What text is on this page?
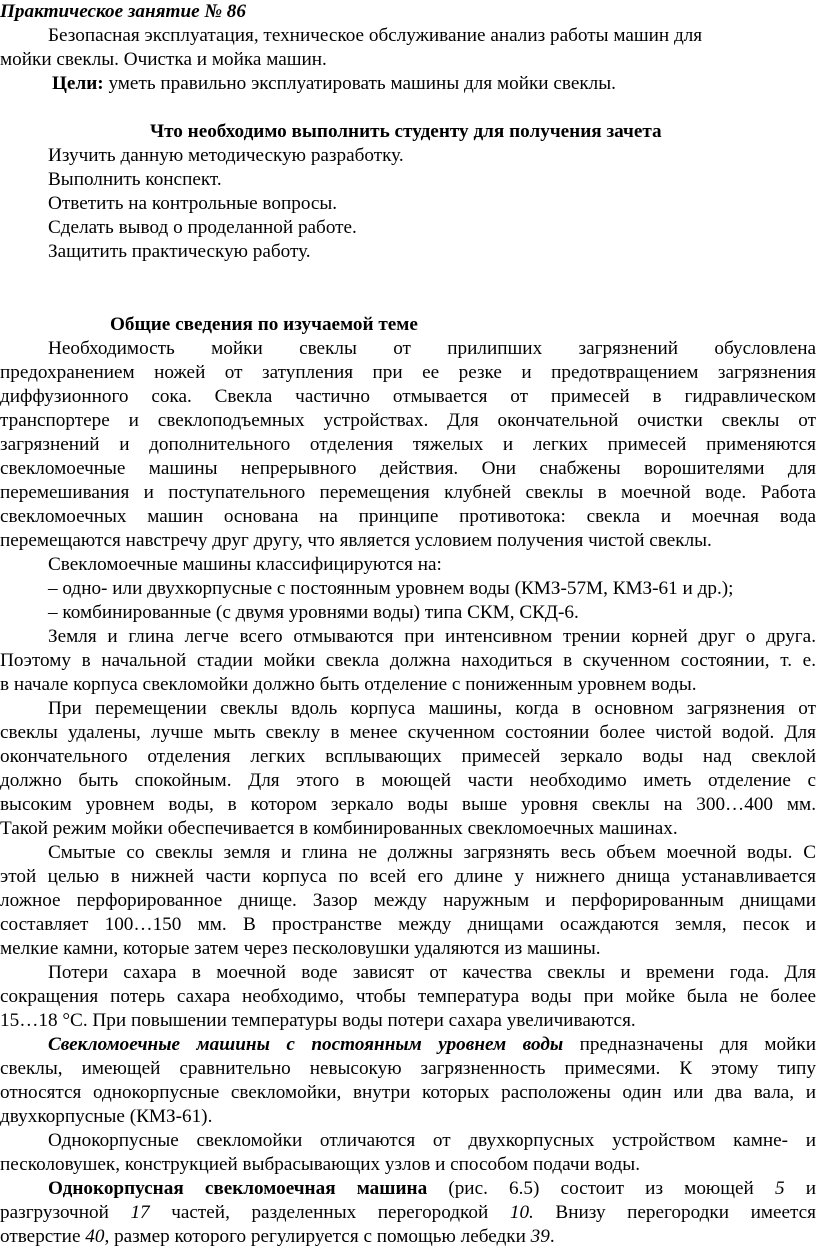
Практическое занятие № 86
Безопасная эксплуатация, техническое обслуживание анализ работы машин для
мойки свеклы. Очистка и мойка машин.
Цели: уметь правильно эксплуатировать машины для мойки свеклы.
Что необходимо выполнить студенту для получения зачета
Изучить данную методическую разработку.
Выполнить конспект.
Ответить на контрольные вопросы.
Сделать вывод о проделанной работе.
Защитить практическую работу.
Общие сведения по изучаемой теме
Необходимость мойки свеклы от прилипших загрязнений обусловлена
предохранением ножей от затупления при ее резке и предотвращением загрязнения
диффузионного сока. Свекла частично отмывается от примесей в гидравлическом
транспортере и свеклоподъемных устройствах. Для окончательной очистки свеклы от
загрязнений и дополнительного отделения тяжелых и легких примесей применяются
свекломоечные машины непрерывного действия. Они снабжены ворошителями для
перемешивания и поступательного перемещения клубней свеклы в моечной воде. Работа
свекломоечных машин основана на принципе противотока: свекла и моечная вода
перемещаются навстречу друг другу, что является условием получения чистой свеклы.
Свекломоечные машины классифицируются на:
– одно- или двухкорпусные с постоянным уровнем воды (КМЗ-57М, КМЗ-61 и др.);
– комбинированные (с двумя уровнями воды) типа СКМ, СКД-6.
Земля и глина легче всего отмываются при интенсивном трении корней друг о друга.
Поэтому в начальной стадии мойки свекла должна находиться в скученном состоянии, т. е.
в начале корпуса свекломойки должно быть отделение с пониженным уровнем воды.
При перемещении свеклы вдоль корпуса машины, когда в основном загрязнения от
свеклы удалены, лучше мыть свеклу в менее скученном состоянии более чистой водой. Для
окончательного отделения легких всплывающих примесей зеркало воды над свеклой
должно быть спокойным. Для этого в моющей части необходимо иметь отделение с
высоким уровнем воды, в котором зеркало воды выше уровня свеклы на 300…400 мм.
Такой режим мойки обеспечивается в комбинированных свекломоечных машинах.
Смытые со свеклы земля и глина не должны загрязнять весь объем моечной воды. С
этой целью в нижней части корпуса по всей его длине у нижнего днища устанавливается
ложное перфорированное днище. Зазор между наружным и перфорированным днищами
составляет 100…150 мм. В пространстве между днищами осаждаются земля, песок и
мелкие камни, которые затем через песколовушки удаляются из машины.
Потери сахара в моечной воде зависят от качества свеклы и времени года. Для
сокращения потерь сахара необходимо, чтобы температура воды при мойке была не более
15…18 °С. При повышении температуры воды потери сахара увеличиваются.
Свекломоечные машины с постоянным уровнем воды предназначены для мойки
свеклы, имеющей сравнительно невысокую загрязненность примесями. К этому типу
относятся однокорпусные свекломойки, внутри которых расположены один или два вала, и
двухкорпусные (КМЗ-61).
Однокорпусные свекломойки отличаются от двухкорпусных устройством камне- и
песколовушек, конструкцией выбрасывающих узлов и способом подачи воды.
Однокорпусная свекломоечная машина (рис. 6.5) состоит из моющей 5 и
разгрузочной 17 частей, разделенных перегородкой 10. Внизу перегородки имеется
отверстие 40, размер которого регулируется с помощью лебедки 39.
